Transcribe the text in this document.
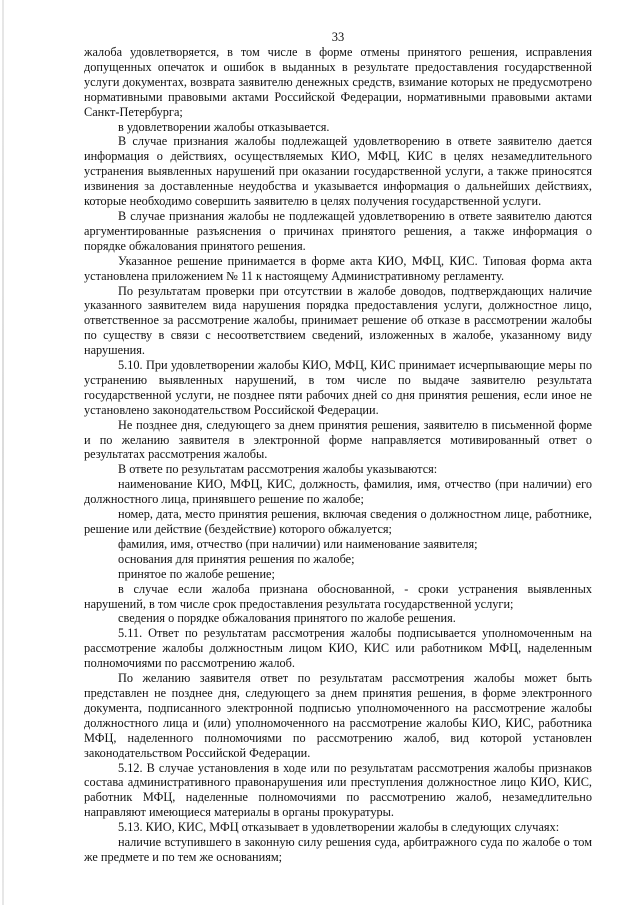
33

жалоба удовлетворяется, в том числе в форме отмены принятого решения, исправления допущенных опечаток и ошибок в выданных в результате предоставления государственной услуги документах, возврата заявителю денежных средств, взимание которых не предусмотрено нормативными правовыми актами Российской Федерации, нормативными правовыми актами Санкт-Петербурга;

в удовлетворении жалобы отказывается.

В случае признания жалобы подлежащей удовлетворению в ответе заявителю дается информация о действиях, осуществляемых КИО, МФЦ, КИС в целях незамедлительного устранения выявленных нарушений при оказании государственной услуги, а также приносятся извинения за доставленные неудобства и указывается информация о дальнейших действиях, которые необходимо совершить заявителю в целях получения государственной услуги.

В случае признания жалобы не подлежащей удовлетворению в ответе заявителю даются аргументированные разъяснения о причинах принятого решения, а также информация о порядке обжалования принятого решения.

Указанное решение принимается в форме акта КИО, МФЦ, КИС. Типовая форма акта установлена приложением № 11 к настоящему Административному регламенту.

По результатам проверки при отсутствии в жалобе доводов, подтверждающих наличие указанного заявителем вида нарушения порядка предоставления услуги, должностное лицо, ответственное за рассмотрение жалобы, принимает решение об отказе в рассмотрении жалобы по существу в связи с несоответствием сведений, изложенных в жалобе, указанному виду нарушения.

5.10. При удовлетворении жалобы КИО, МФЦ, КИС принимает исчерпывающие меры по устранению выявленных нарушений, в том числе по выдаче заявителю результата государственной услуги, не позднее пяти рабочих дней со дня принятия решения, если иное не установлено законодательством Российской Федерации.

Не позднее дня, следующего за днем принятия решения, заявителю в письменной форме и по желанию заявителя в электронной форме направляется мотивированный ответ о результатах рассмотрения жалобы.

В ответе по результатам рассмотрения жалобы указываются:

наименование КИО, МФЦ, КИС, должность, фамилия, имя, отчество (при наличии) его должностного лица, принявшего решение по жалобе;

номер, дата, место принятия решения, включая сведения о должностном лице, работнике, решение или действие (бездействие) которого обжалуется;

фамилия, имя, отчество (при наличии) или наименование заявителя;

основания для принятия решения по жалобе;

принятое по жалобе решение;

в случае если жалоба признана обоснованной, - сроки устранения выявленных нарушений, в том числе срок предоставления результата государственной услуги;

сведения о порядке обжалования принятого по жалобе решения.

5.11. Ответ по результатам рассмотрения жалобы подписывается уполномоченным на рассмотрение жалобы должностным лицом КИО, КИС или работником МФЦ, наделенным полномочиями по рассмотрению жалоб.

По желанию заявителя ответ по результатам рассмотрения жалобы может быть представлен не позднее дня, следующего за днем принятия решения, в форме электронного документа, подписанного электронной подписью уполномоченного на рассмотрение жалобы должностного лица и (или) уполномоченного на рассмотрение жалобы КИО, КИС, работника МФЦ, наделенного полномочиями по рассмотрению жалоб, вид которой установлен законодательством Российской Федерации.

5.12. В случае установления в ходе или по результатам рассмотрения жалобы признаков состава административного правонарушения или преступления должностное лицо КИО, КИС, работник МФЦ, наделенные полномочиями по рассмотрению жалоб, незамедлительно направляют имеющиеся материалы в органы прокуратуры.

5.13. КИО, КИС, МФЦ отказывает в удовлетворении жалобы в следующих случаях:

наличие вступившего в законную силу решения суда, арбитражного суда по жалобе о том же предмете и по тем же основаниям;
